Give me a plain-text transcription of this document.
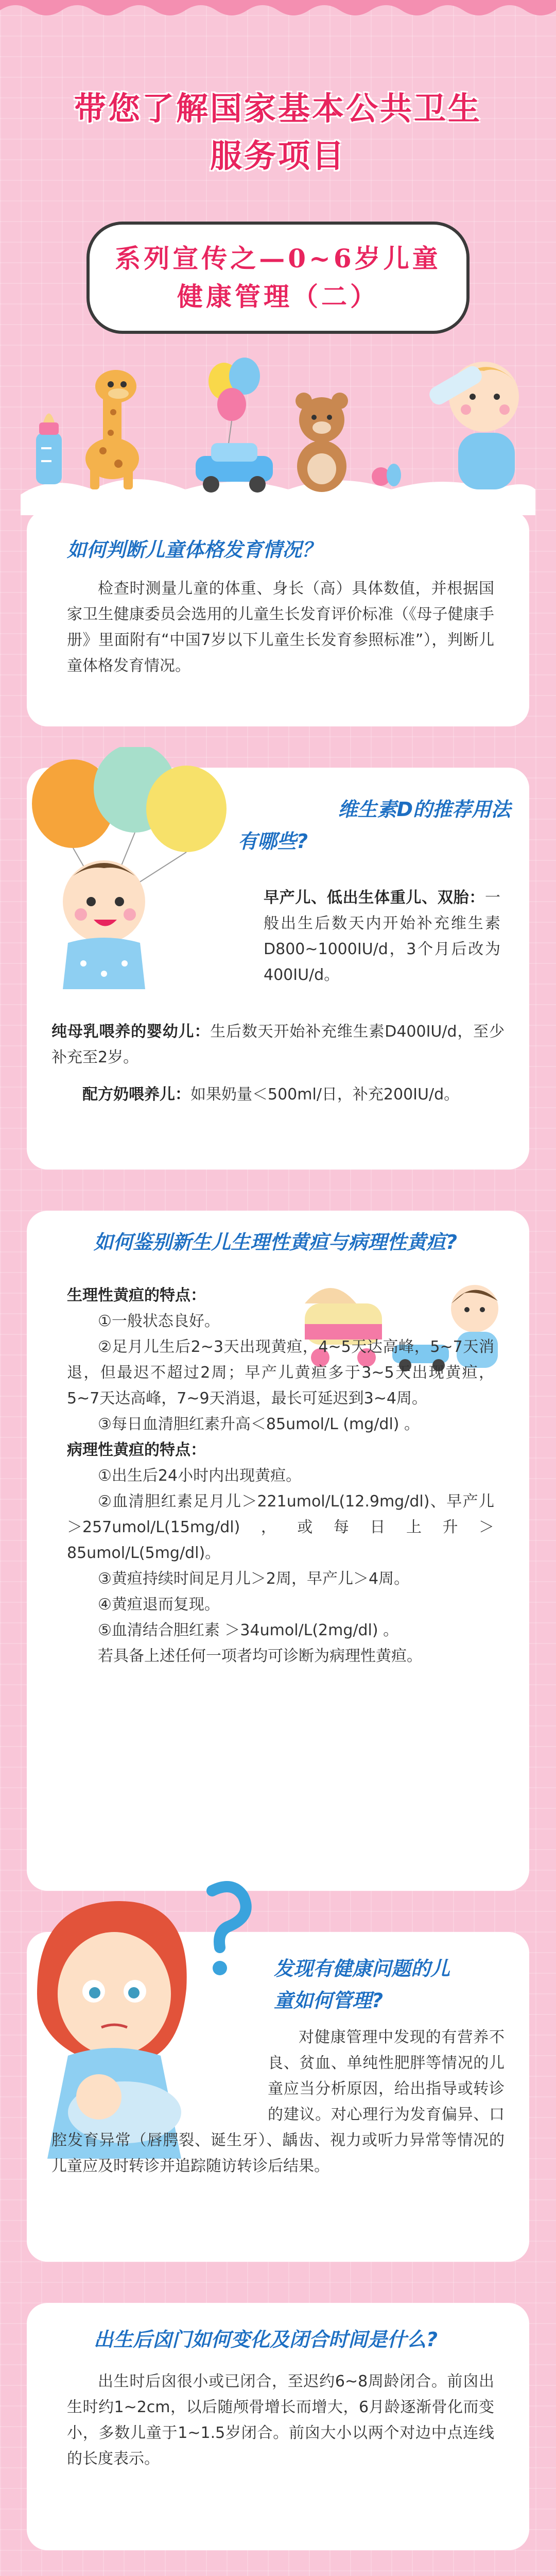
带您了解国家基本公共卫生
服务项目
系列宣传之—0~6岁儿童
健康管理（二）
如何判断儿童体格发育情况？
检查时测量儿童的体重、身长（高）具体数值，并根据国家卫生健康委员会选用的儿童生长发育评价标准（《母子健康手册》里面附有“中国7岁以下儿童生长发育参照标准”），判断儿童体格发育情况。
维生素D的推荐用法
有哪些?
早产儿、低出生体重儿、双胎：一般出生后数天内开始补充维生素D800~1000IU/d，3个月后改为400IU/d。
纯母乳喂养的婴幼儿：生后数天开始补充维生素D400IU/d，至少补充至2岁。
配方奶喂养儿：如果奶量＜500ml/日，补充200IU/d。
如何鉴别新生儿生理性黄疸与病理性黄疸?

生理性黄疸的特点：

①一般状态良好。

②足月儿生后2~3天出现黄疸，4~5天达高峰，5~7天消退，但最迟不超过2周；早产儿黄疸多于3~5天出现黄疸，5~7天达高峰，7~9天消退，最长可延迟到3~4周。

③每日血清胆红素升高＜85umol/L (mg/dl) 。

病理性黄疸的特点：

①出生后24小时内出现黄疸。

②血清胆红素足月儿＞221umol/L(12.9mg/dl)、早产儿＞257umol/L(15mg/dl)，或每日上升＞85umol/L(5mg/dl)。

③黄疸持续时间足月儿＞2周，早产儿＞4周。

④黄疸退而复现。

⑤血清结合胆红素 ＞34umol/L(2mg/dl) 。

若具备上述任何一项者均可诊断为病理性黄疸。

发现有健康问题的儿
童如何管理?
对健康管理中发现的有营养不良、贫血、单纯性肥胖等情况的儿童应当分析原因，给出指导或转诊的建议。对心理行为发育偏异、口腔发育异常（唇腭裂、诞生牙）、龋齿、视力或听力异常等情况的儿童应及时转诊并追踪随访转诊后结果。
出生后囟门如何变化及闭合时间是什么?
出生时后囟很小或已闭合，至迟约6~8周龄闭合。前囟出生时约1~2cm，以后随颅骨增长而增大，6月龄逐渐骨化而变小，多数儿童于1~1.5岁闭合。前囟大小以两个对边中点连线的长度表示。
